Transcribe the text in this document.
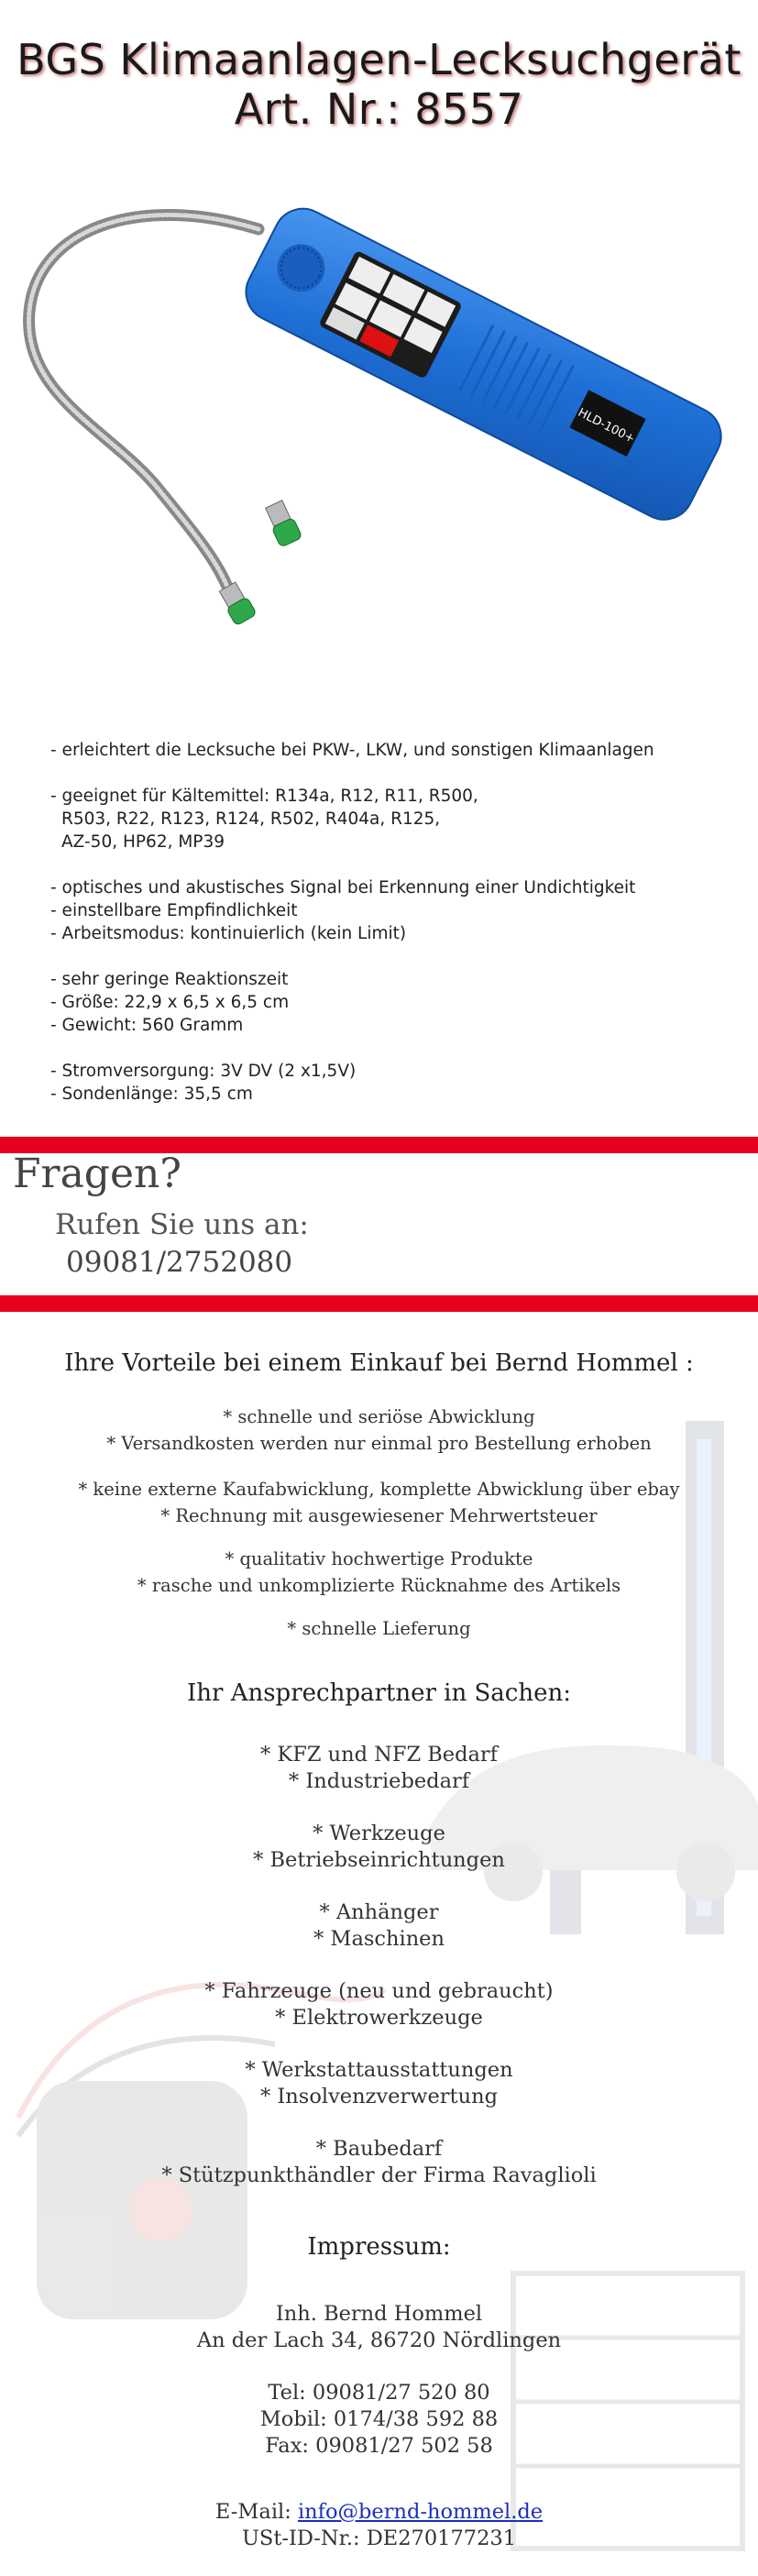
BGS Klimaanlagen-Lecksuchgerät
Art. Nr.: 8557
HLD-100+
- erleichtert die Lecksuche bei PKW-, LKW, und sonstigen Klimaanlagen
- geeignet für Kältemittel: R134a, R12, R11, R500,
R503, R22, R123, R124, R502, R404a, R125,
AZ-50, HP62, MP39
- optisches und akustisches Signal bei Erkennung einer Undichtigkeit
- einstellbare Empfindlichkeit
- Arbeitsmodus: kontinuierlich (kein Limit)
- sehr geringe Reaktionszeit
- Größe: 22,9 x 6,5 x 6,5 cm
- Gewicht: 560 Gramm
- Stromversorgung: 3V DV (2 x1,5V)
- Sondenlänge: 35,5 cm
Fragen?
Rufen Sie uns an:
09081/2752080
Ihre Vorteile bei einem Einkauf bei Bernd Hommel :
* schnelle und seriöse Abwicklung
* Versandkosten werden nur einmal pro Bestellung erhoben
* keine externe Kaufabwicklung, komplette Abwicklung über ebay
* Rechnung mit ausgewiesener Mehrwertsteuer
* qualitativ hochwertige Produkte
* rasche und unkomplizierte Rücknahme des Artikels
* schnelle Lieferung
Ihr Ansprechpartner in Sachen:
* KFZ und NFZ Bedarf
* Industriebedarf
* Werkzeuge
* Betriebseinrichtungen
* Anhänger
* Maschinen
* Fahrzeuge (neu und gebraucht)
* Elektrowerkzeuge
* Werkstattausstattungen
* Insolvenzverwertung
* Baubedarf
* Stützpunkthändler der Firma Ravaglioli
Impressum:
Inh. Bernd Hommel
An der Lach 34, 86720 Nördlingen
Tel: 09081/27 520 80
Mobil: 0174/38 592 88
Fax: 09081/27 502 58
E-Mail: info@bernd-hommel.de
USt-ID-Nr.: DE270177231
